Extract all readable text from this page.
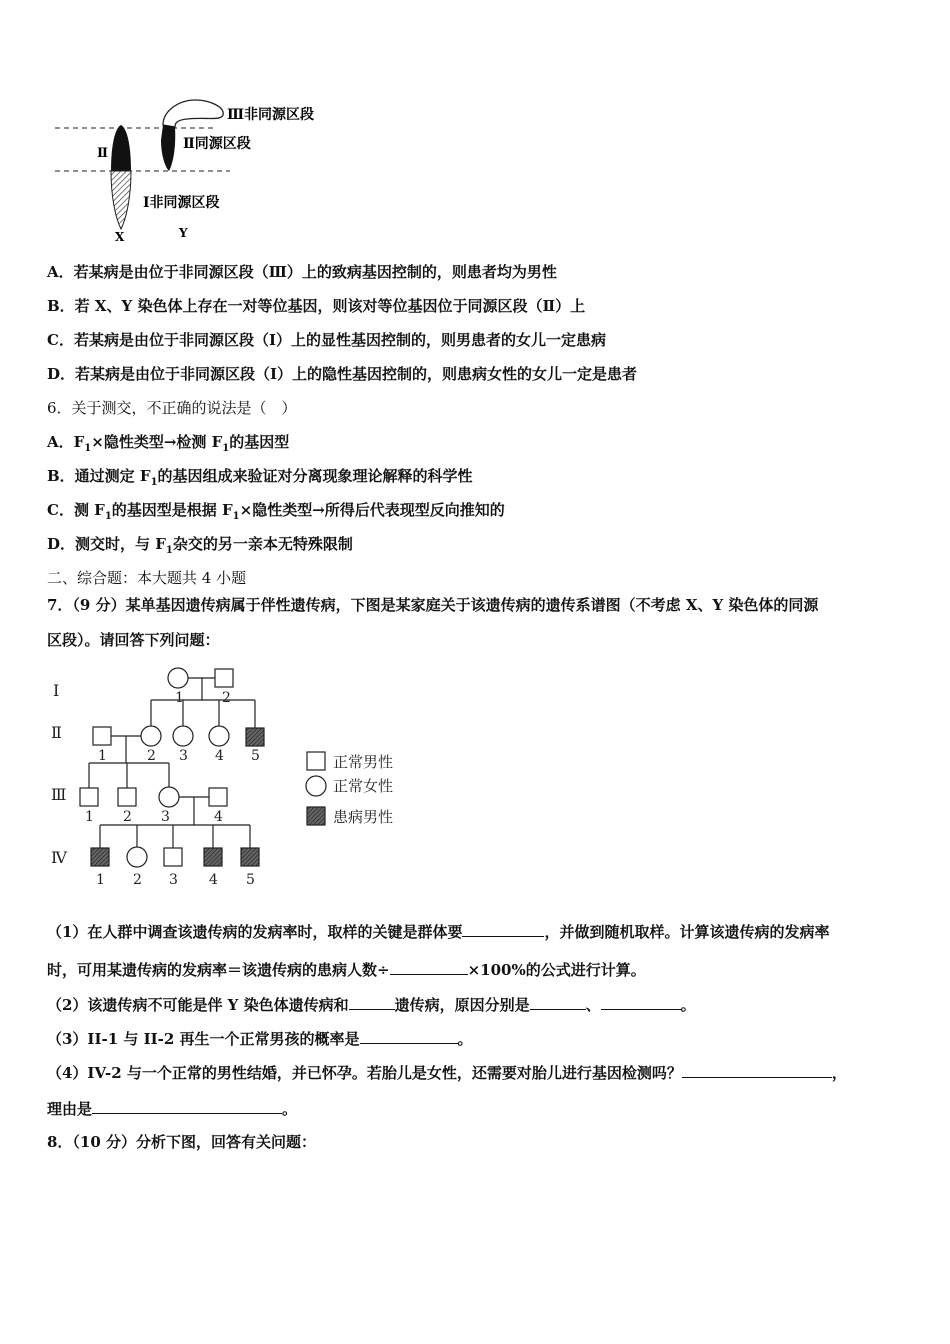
Ⅲ非同源区段
Ⅱ同源区段
Ⅰ非同源区段
Ⅱ
X	Y
A．若某病是由位于非同源区段（Ⅲ）上的致病基因控制的，则患者均为男性
B．若 X、Y 染色体上存在一对等位基因，则该对等位基因位于同源区段（Ⅱ）上
C．若某病是由位于非同源区段（I）上的显性基因控制的，则男患者的女儿一定患病
D．若某病是由位于非同源区段（I）上的隐性基因控制的，则患病女性的女儿一定是患者
6．关于测交，不正确的说法是（　）
A．$F_1\times$隐性类型→检测 $F_1$的基因型
B．通过测定 $F_1$的基因组成来验证对分离现象理论解释的科学性
C．测 $F_1$的基因型是根据 $F_1\times$隐性类型→所得后代表现型反向推知的
D．测交时，与 $F_1$杂交的另一亲本无特殊限制
二、综合题：本大题共 4 小题
7．（9 分）某单基因遗传病属于伴性遗传病，下图是某家庭关于该遗传病的遗传系谱图（不考虑 X、Y 染色体的同源
区段）。请回答下列问题：
Ⅰ
Ⅱ
Ⅲ
Ⅳ
1	2
1	2 3 4 5
1 2 3	4
1 2 3 4 5
正常男性
正常女性
患病男性
（1）在人群中调查该遗传病的发病率时，取样的关键是群体要	，并做到随机取样。计算该遗传病的发病率
时，可用某遗传病的发病率＝该遗传病的患病人数÷	×100%的公式进行计算。
（2）该遗传病不可能是伴 Y 染色体遗传病和	遗传病，原因分别是	、	。
（3）II-1 与 II-2 再生一个正常男孩的概率是	。
（4）IV-2 与一个正常的男性结婚，并已怀孕。若胎儿是女性，还需要对胎儿进行基因检测吗？	，
理由是	。
8．（10 分）分析下图，回答有关问题：
